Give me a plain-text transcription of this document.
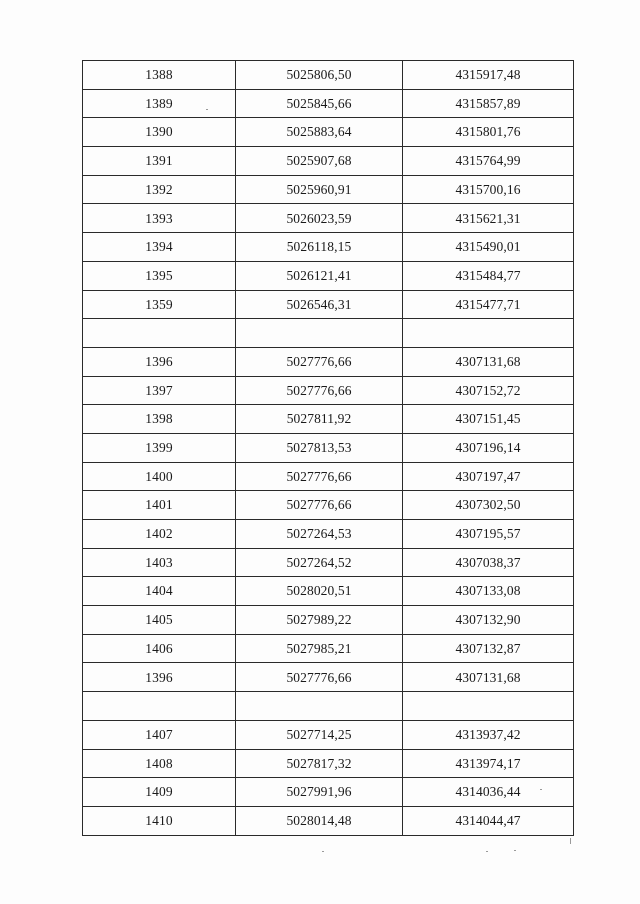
1388	5025806,50	4315917,48
1389	5025845,66	4315857,89
1390	5025883,64	4315801,76
1391	5025907,68	4315764,99
1392	5025960,91	4315700,16
1393	5026023,59	4315621,31
1394	5026118,15	4315490,01
1395	5026121,41	4315484,77
1359	5026546,31	4315477,71

1396	5027776,66	4307131,68
1397	5027776,66	4307152,72
1398	5027811,92	4307151,45
1399	5027813,53	4307196,14
1400	5027776,66	4307197,47
1401	5027776,66	4307302,50
1402	5027264,53	4307195,57
1403	5027264,52	4307038,37
1404	5028020,51	4307133,08
1405	5027989,22	4307132,90
1406	5027985,21	4307132,87
1396	5027776,66	4307131,68

1407	5027714,25	4313937,42
1408	5027817,32	4313974,17
1409	5027991,96	4314036,44
1410	5028014,48	4314044,47
